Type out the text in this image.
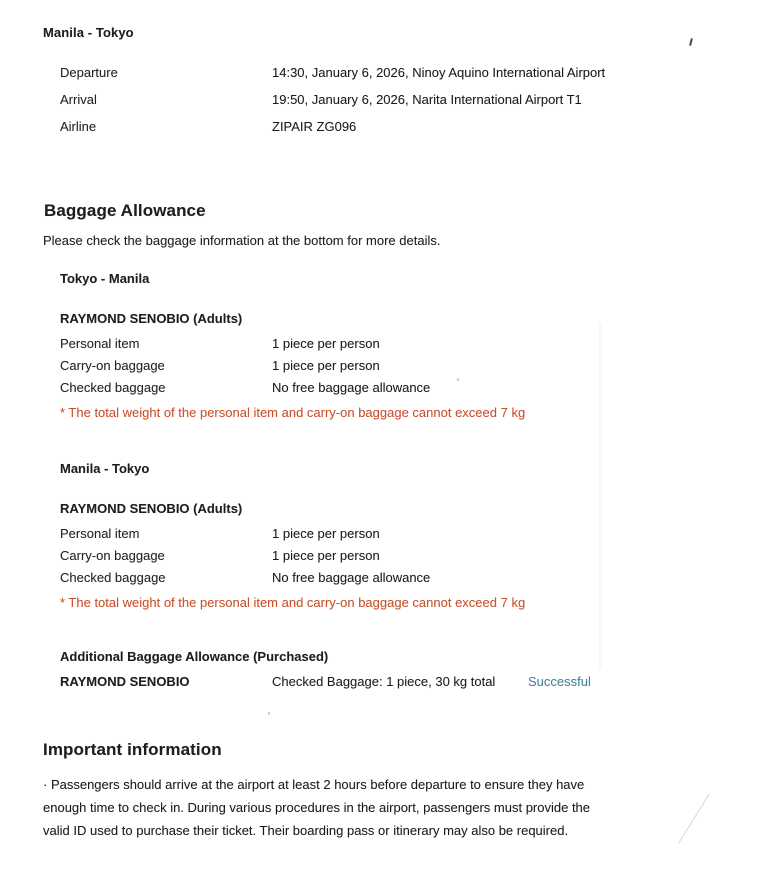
Manila - Tokyo
Departure	14:30, January 6, 2026, Ninoy Aquino International Airport
Arrival	19:50, January 6, 2026, Narita International Airport T1
Airline	ZIPAIR ZG096
Baggage Allowance
Please check the baggage information at the bottom for more details.
Tokyo - Manila
RAYMOND SENOBIO (Adults)
Personal item	1 piece per person
Carry-on baggage	1 piece per person
Checked baggage	No free baggage allowance
* The total weight of the personal item and carry-on baggage cannot exceed 7 kg
Manila - Tokyo
RAYMOND SENOBIO (Adults)
Personal item	1 piece per person
Carry-on baggage	1 piece per person
Checked baggage	No free baggage allowance
* The total weight of the personal item and carry-on baggage cannot exceed 7 kg
Additional Baggage Allowance (Purchased)
RAYMOND SENOBIO	Checked Baggage: 1 piece, 30 kg total	Successful
Important information
· Passengers should arrive at the airport at least 2 hours before departure to ensure they have enough time to check in. During various procedures in the airport, passengers must provide the valid ID used to purchase their ticket. Their boarding pass or itinerary may also be required.
